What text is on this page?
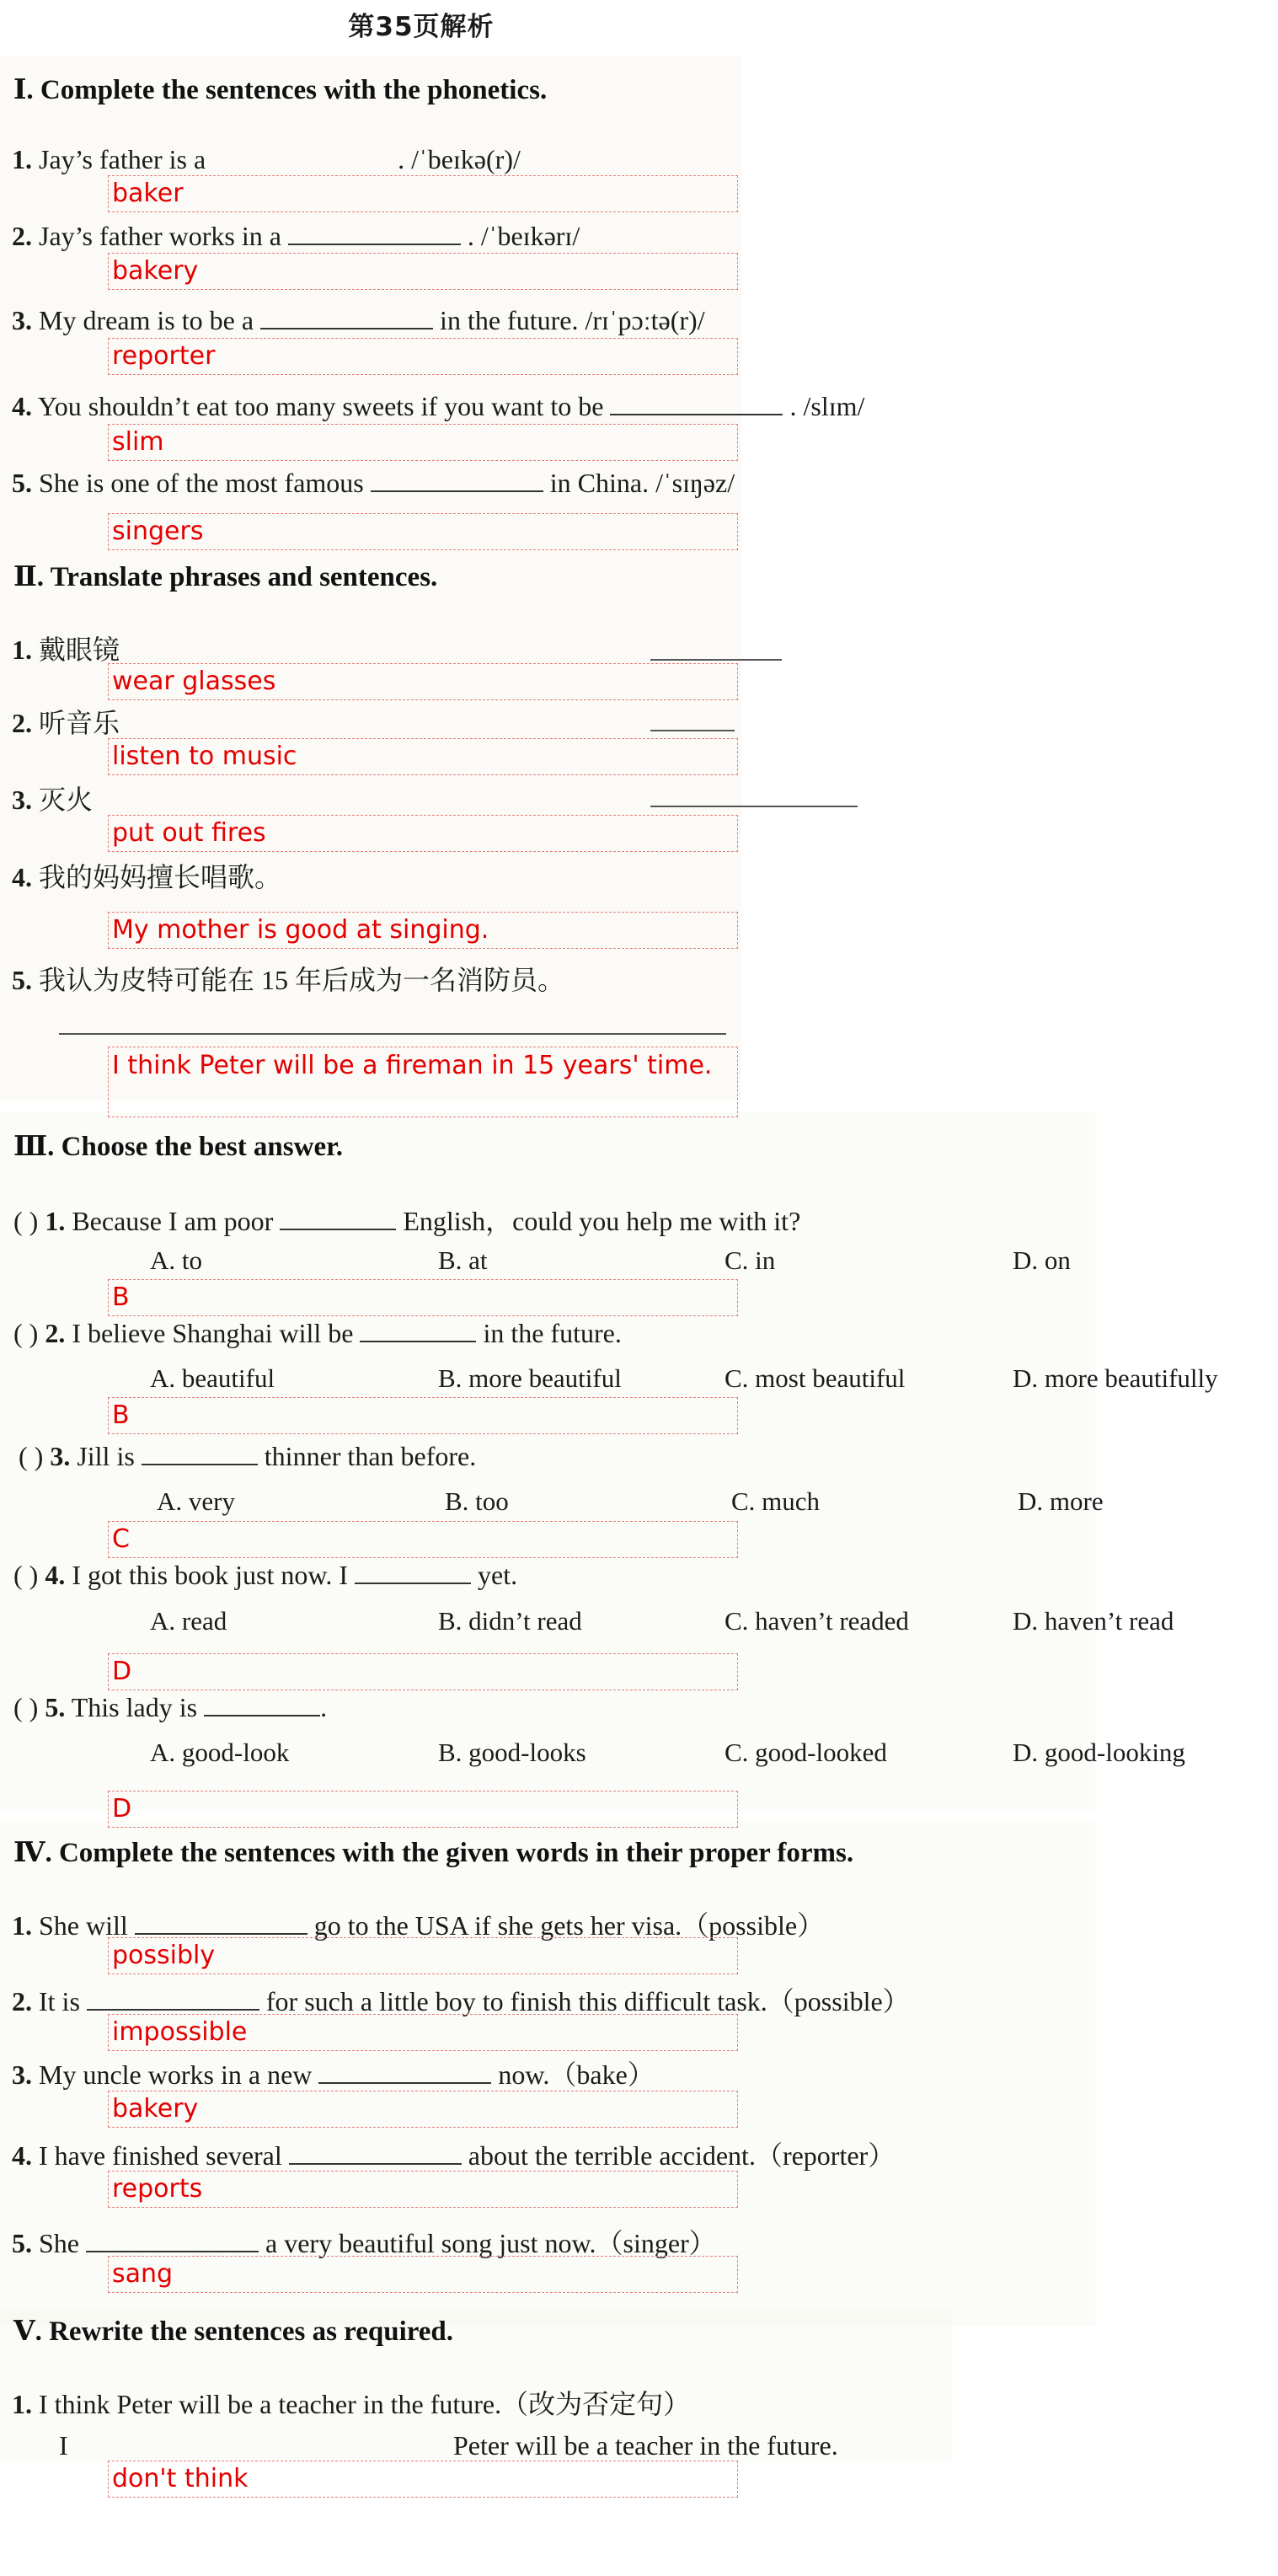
第35页解析
Ⅰ. Complete the sentences with the phonetics.
1. Jay’s father is a	. /ˈbeɪkə(r)/
baker
2. Jay’s father works in a	. /ˈbeɪkərɪ/
bakery
3. My dream is to be a	in the future. /rɪˈpɔːtə(r)/
reporter
4. You shouldn’t eat too many sweets if you want to be	. /slɪm/
slim
5. She is one of the most famous	in China. /ˈsɪŋəz/
singers
Ⅱ. Translate phrases and sentences.
1. 戴眼镜
wear glasses
2. 听音乐
listen to music
3. 灭火
put out fires
4. 我的妈妈擅长唱歌。
My mother is good at singing.
5. 我认为皮特可能在 15 年后成为一名消防员。
I think Peter will be a fireman in 15 years' time.
Ⅲ. Choose the best answer.
( ) 1. Because I am poor	English，could you help me with it?
A. to	B. at	C. in	D. on
B
( ) 2. I believe Shanghai will be	in the future.
A. beautiful	B. more beautiful	C. most beautiful	D. more beautifully
B
( ) 3. Jill is	thinner than before.
A. very	B. too	C. much	D. more
C
( ) 4. I got this book just now. I	yet.
A. read	B. didn’t read	C. haven’t readed	D. haven’t read
D
( ) 5. This lady is	.
A. good-look	B. good-looks	C. good-looked	D. good-looking
D
Ⅳ. Complete the sentences with the given words in their proper forms.
1. She will	go to the USA if she gets her visa.（possible）
possibly
2. It is	for such a little boy to finish this difficult task.（possible）
impossible
3. My uncle works in a new	now.（bake）
bakery
4. I have finished several	about the terrible accident.（reporter）
reports
5. She	a very beautiful song just now.（singer）
sang
Ⅴ. Rewrite the sentences as required.
1. I think Peter will be a teacher in the future.（改为否定句）
I	Peter will be a teacher in the future.
don't think
